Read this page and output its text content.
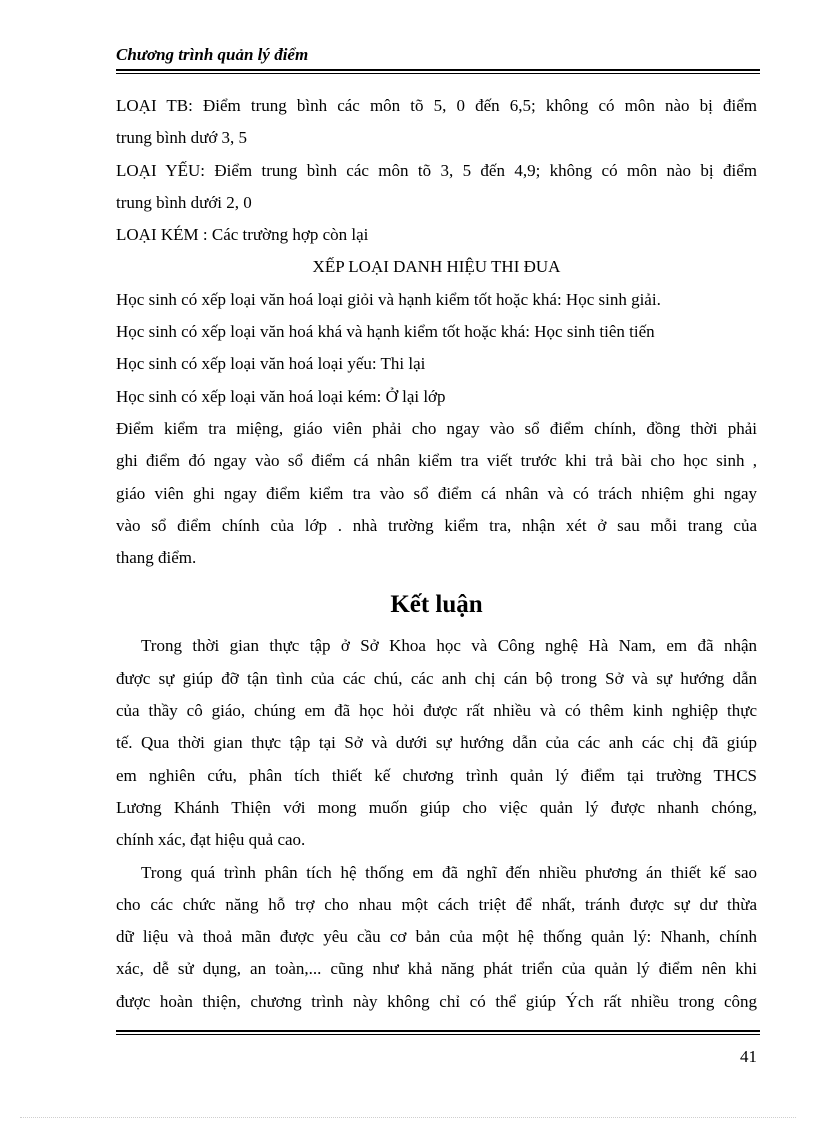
Chương trình quản lý điểm
LOẠI TB: Điểm trung bình các môn tõ 5, 0 đến 6,5; không có môn nào bị điểm
trung bình dướ 3, 5
LOẠI YẾU: Điểm trung bình các môn tõ 3, 5 đến 4,9; không có môn nào bị điểm
trung bình dưới 2, 0
LOẠI KÉM : Các trường hợp còn lại
XẾP LOẠI DANH HIỆU THI ĐUA
Học sinh có xếp loại văn hoá loại giỏi và hạnh kiểm tốt hoặc khá: Học sinh giải.
Học sinh có xếp loại văn hoá khá và hạnh kiểm tốt hoặc khá: Học sinh tiên tiến
Học sinh có xếp loại văn hoá loại yếu: Thi lại
Học sinh có xếp loại văn hoá loại kém: Ở lại lớp
Điểm kiểm tra miệng, giáo viên phải cho ngay vào sổ điểm chính, đồng thời phải
ghi điểm đó ngay vào sổ điểm cá nhân kiểm tra viết trước khi trả bài cho học sinh ,
giáo viên ghi ngay điểm kiểm tra vào sổ điểm cá nhân và có trách nhiệm ghi ngay
vào sổ điểm chính của lớp . nhà trường kiểm tra, nhận xét ở sau mỗi trang của
thang điểm.
Kết luận
Trong thời gian thực tập ở Sở Khoa học và Công nghệ Hà Nam, em đã nhận
được sự giúp đỡ tận tình của các chú, các anh chị cán bộ trong Sở và sự hướng dẫn
của thầy cô giáo, chúng em đã học hỏi được rất nhiều và có thêm kinh nghiệp thực
tế. Qua thời gian thực tập tại Sở và dưới sự hướng dẫn của các anh các chị đã giúp
em nghiên cứu, phân tích thiết kế chương trình quản lý điểm tại trường THCS
Lương Khánh Thiện với mong muốn giúp cho việc quản lý được nhanh chóng,
chính xác, đạt hiệu quả cao.
Trong quá trình phân tích hệ thống em đã nghĩ đến nhiều phương án thiết kế sao
cho các chức năng hỗ trợ cho nhau một cách triệt để nhất, tránh được sự dư thừa
dữ liệu và thoả mãn được yêu cầu cơ bản của một hệ thống quản lý: Nhanh, chính
xác, dễ sử dụng, an toàn,... cũng như khả năng phát triển của quản lý điểm nên khi
được hoàn thiện, chương trình này không chỉ có thể giúp Ých rất nhiều trong công
41
